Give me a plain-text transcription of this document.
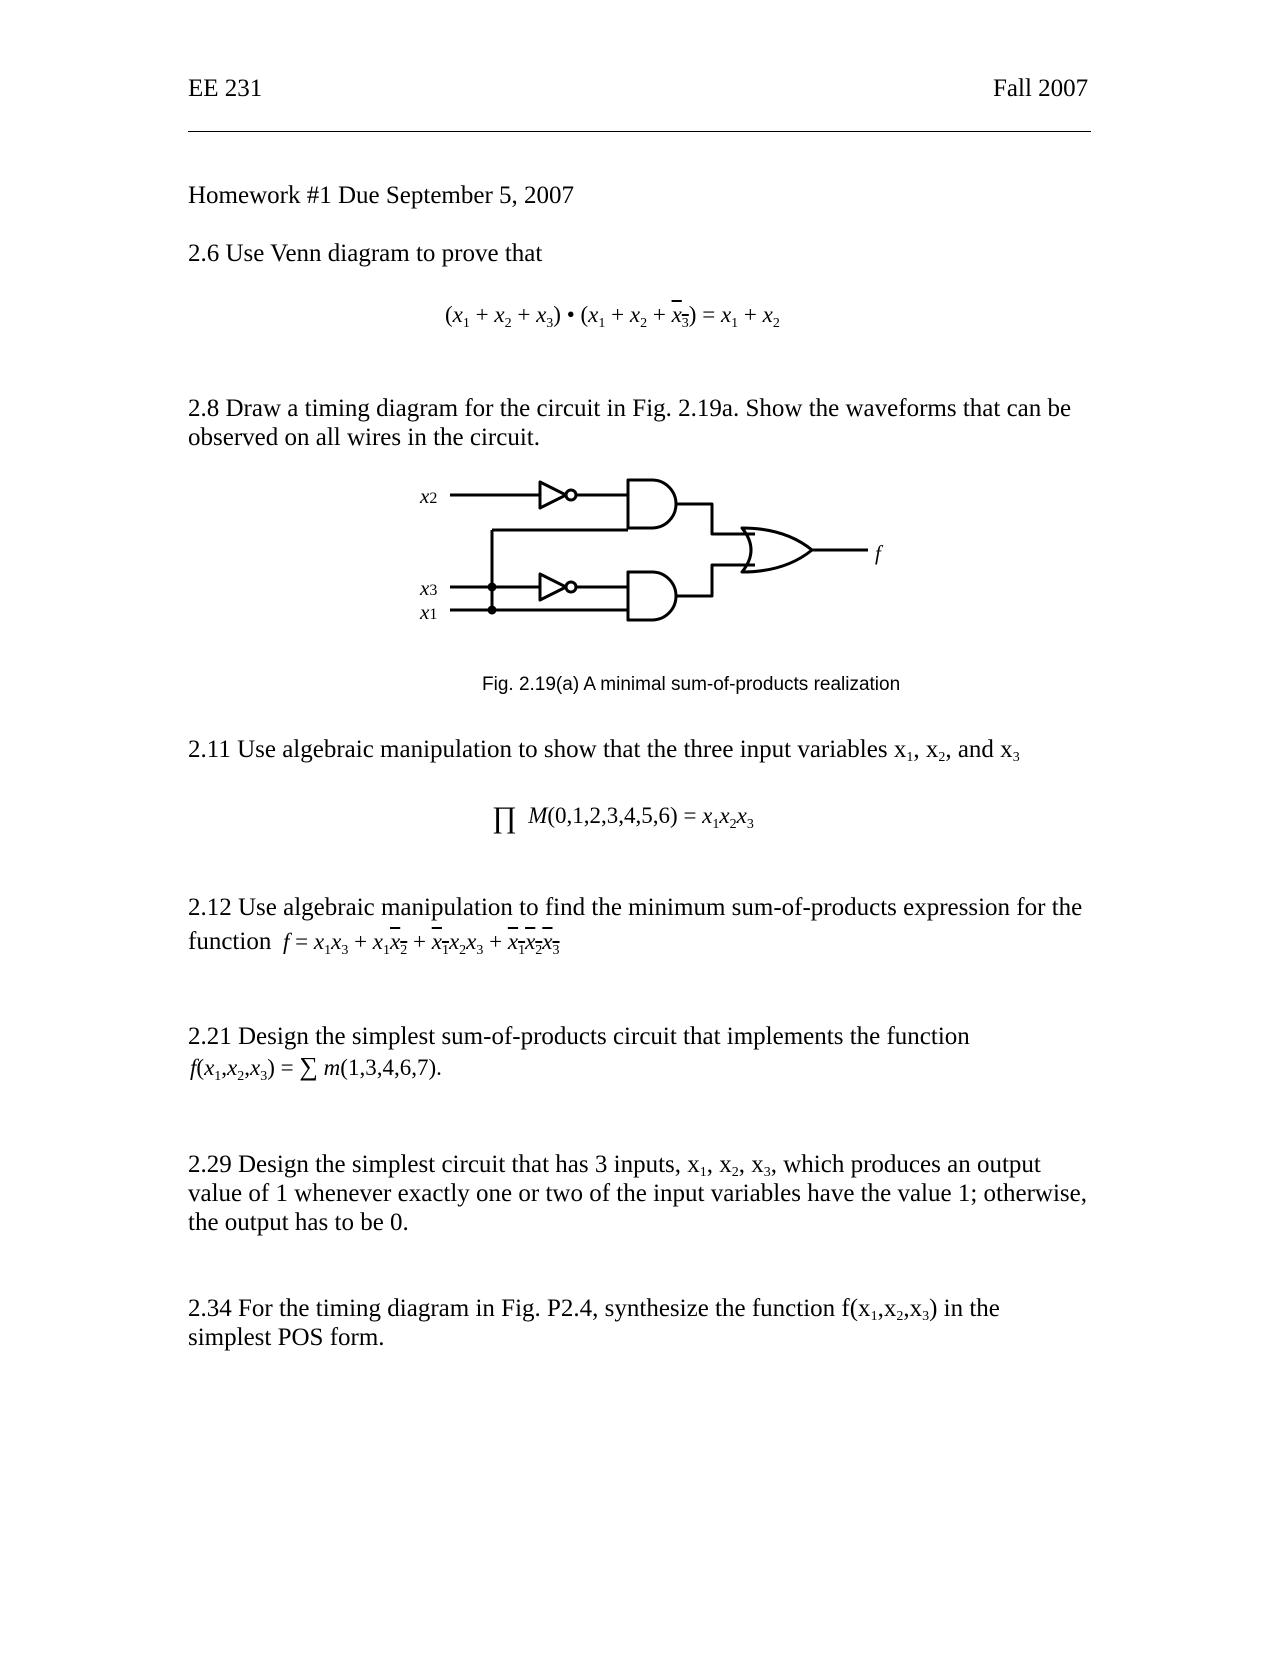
EE 231	Fall 2007
Homework #1 Due September 5, 2007
2.6 Use Venn diagram to prove that
$(x_1 + x_2 + x_3)$ • $(x_1 + x_2 + x_3) = x_1 + x_2$
2.8 Draw a timing diagram for the circuit in Fig. 2.19a. Show the waveforms that can be
observed on all wires in the circuit.
x2
x3
x1
f
Fig. 2.19(a) A minimal sum-of-products realization
2.11 Use algebraic manipulation to show that the three input variables x1, x2, and x3
∏ $M(0,1,2,3,4,5,6) = x_1x_2x_3$
2.12 Use algebraic manipulation to find the minimum sum-of-products expression for the
function $f = x_1x_3 + x_1x_2 + x_1x_2x_3 + x_1x_2x_3$
2.21 Design the simplest sum-of-products circuit that implements the function
$f(x_1,x_2,x_3)$ = ∑ m(1,3,4,6,7).
2.29 Design the simplest circuit that has 3 inputs, x1, x2, x3, which produces an output
value of 1 whenever exactly one or two of the input variables have the value 1; otherwise,
the output has to be 0.
2.34 For the timing diagram in Fig. P2.4, synthesize the function f(x1,x2,x3) in the
simplest POS form.
